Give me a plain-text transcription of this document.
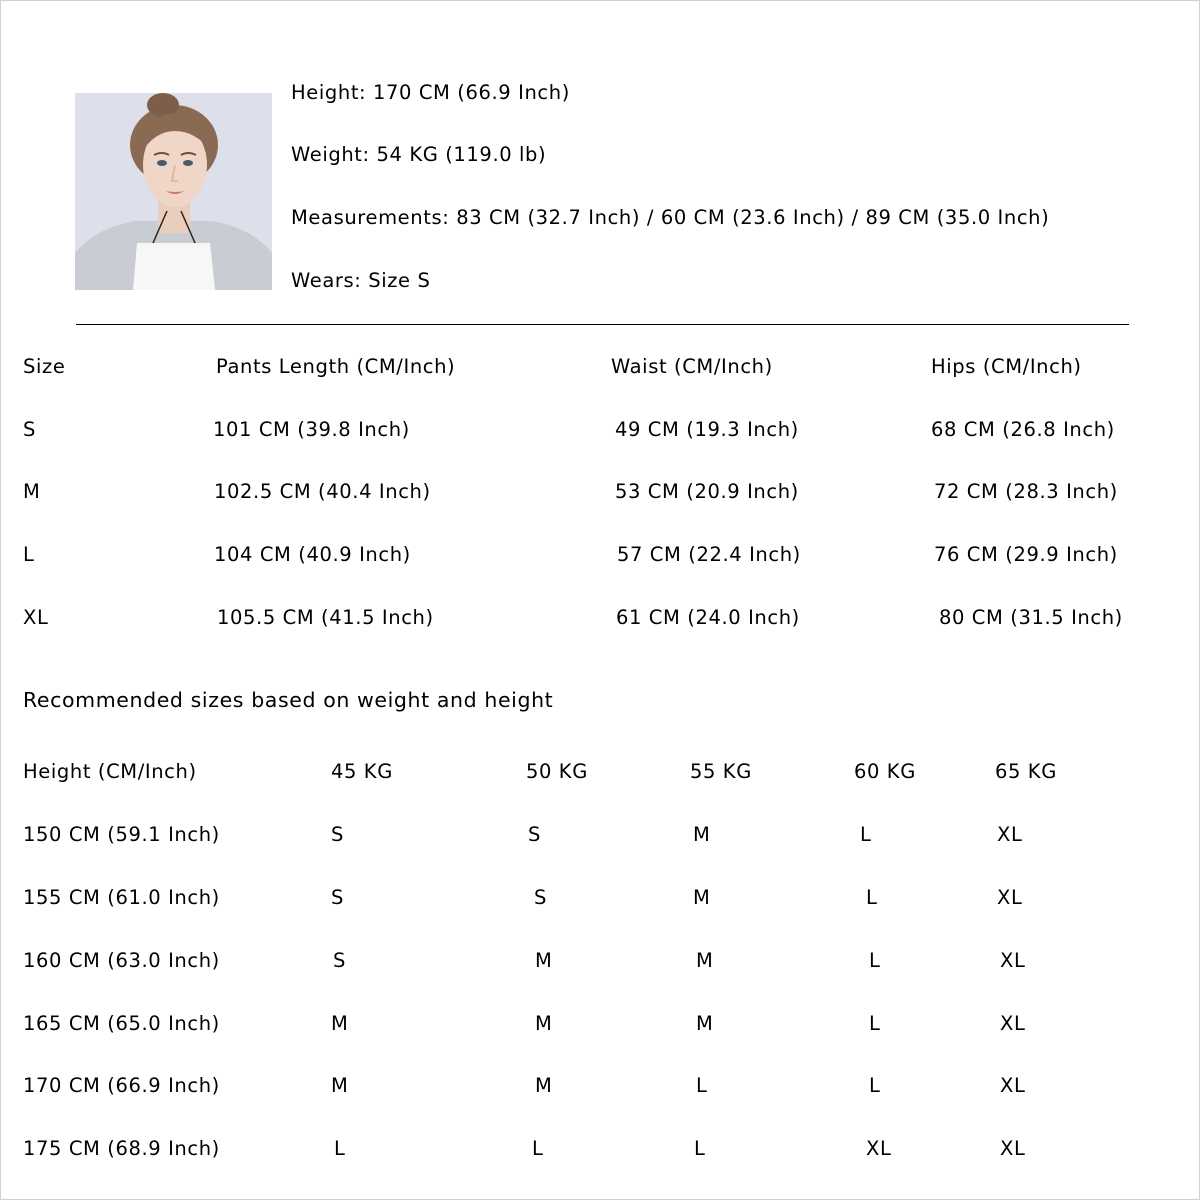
Height: 170 CM (66.9 Inch)
Weight: 54 KG (119.0 lb)
Measurements: 83 CM (32.7 Inch) / 60 CM (23.6 Inch) / 89 CM (35.0 Inch)
Wears: Size S
Size	Pants Length (CM/Inch)	Waist (CM/Inch)	Hips (CM/Inch)
S	101 CM (39.8 Inch)	49 CM (19.3 Inch)	68 CM (26.8 Inch)
M	102.5 CM (40.4 Inch)	53 CM (20.9 Inch)	72 CM (28.3 Inch)
L	104 CM (40.9 Inch)	57 CM (22.4 Inch)	76 CM (29.9 Inch)
XL	105.5 CM (41.5 Inch)	61 CM (24.0 Inch)	80 CM (31.5 Inch)
Recommended sizes based on weight and height
Height (CM/Inch)	45 KG	50 KG	55 KG	60 KG	65 KG
150 CM (59.1 Inch)	S	S	M	L	XL
155 CM (61.0 Inch)	S	S	M	L	XL
160 CM (63.0 Inch)	S	M	M	L	XL
165 CM (65.0 Inch)	M	M	M	L	XL
170 CM (66.9 Inch)	M	M	L	L	XL
175 CM (68.9 Inch)	L	L	L	XL	XL
